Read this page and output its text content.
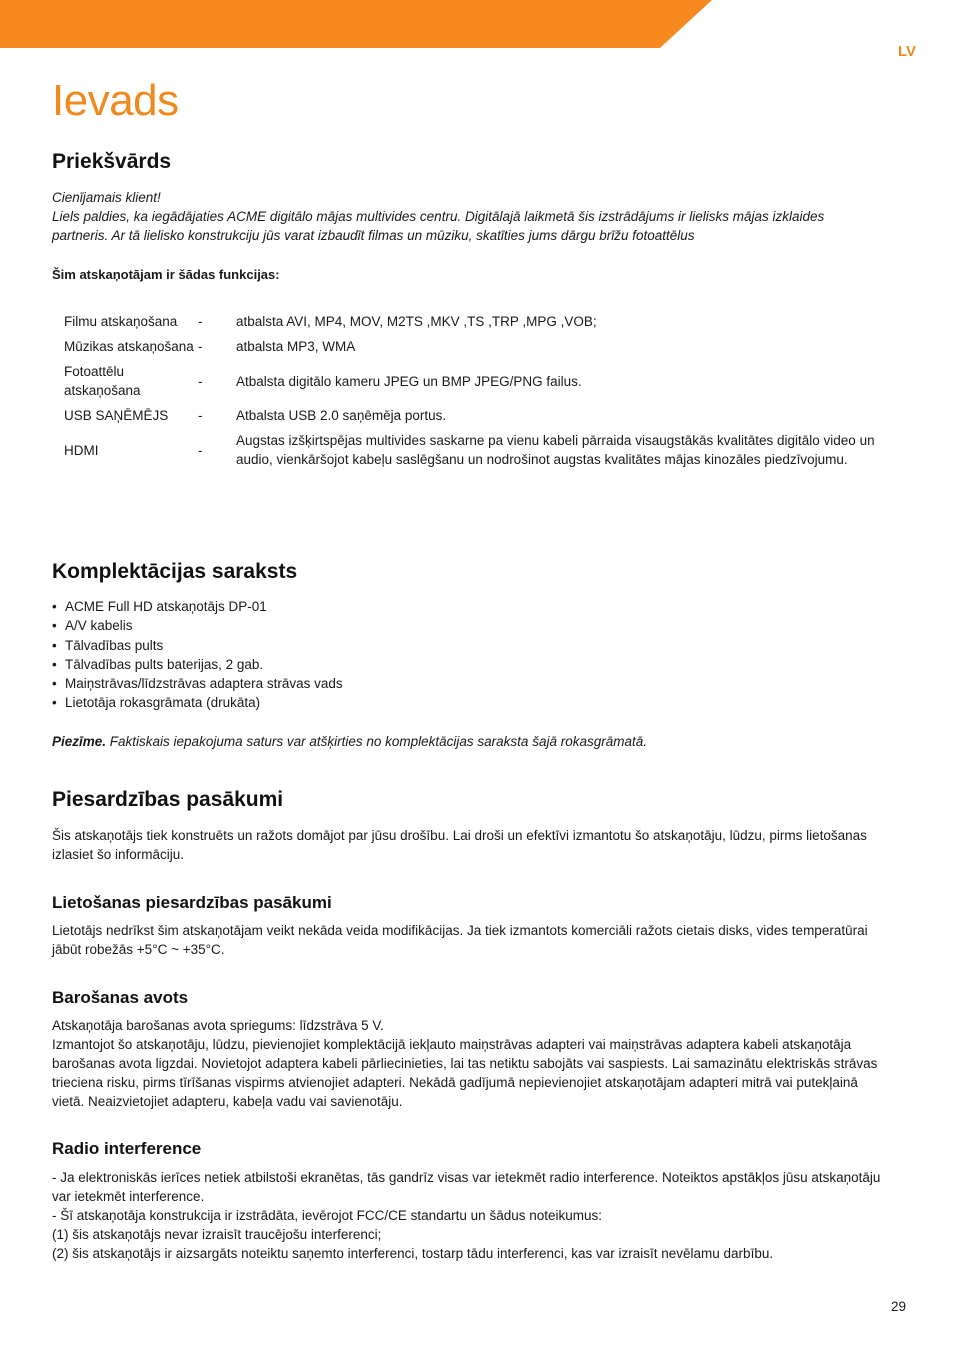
LV
Ievads
Priekšvārds

Cienījamais klient!

Liels paldies, ka iegādājaties ACME digitālo mājas multivides centru. Digitālajā laikmetā šis izstrādājums ir lielisks mājas izklaides partneris. Ar tā lielisko konstrukciju jūs varat izbaudīt filmas un mūziku, skatīties jums dārgu brīžu fotoattēlus

Šim atskaņotājam ir šādas funkcijas:

Filmu atskaņošana	-	atbalsta AVI, MP4, MOV, M2TS ,MKV ,TS ,TRP ,MPG ,VOB;
Mūzikas atskaņošana	-	atbalsta MP3, WMA
Fotoattēlu atskaņošana	-	Atbalsta digitālo kameru JPEG un BMP JPEG/PNG failus.
USB SAŅĒMĒJS	-	Atbalsta USB 2.0 saņēmēja portus.
HDMI	-	Augstas izšķirtspējas multivides saskarne pa vienu kabeli pārraida visaugstākās kvalitātes digitālo video un audio, vienkāršojot kabeļu saslēgšanu un nodrošinot augstas kvalitātes mājas kinozāles piedzīvojumu.
Komplektācijas saraksts
• ACME Full HD atskaņotājs DP-01
• A/V kabelis
• Tālvadības pults
• Tālvadības pults baterijas, 2 gab.
• Maiņstrāvas/līdzstrāvas adaptera strāvas vads
• Lietotāja rokasgrāmata (drukāta)

Piezīme. Faktiskais iepakojuma saturs var atšķirties no komplektācijas saraksta šajā rokasgrāmatā.

Piesardzības pasākumi

Šis atskaņotājs tiek konstruēts un ražots domājot par jūsu drošību. Lai droši un efektīvi izmantotu šo atskaņotāju, lūdzu, pirms lietošanas izlasiet šo informāciju.

Lietošanas piesardzības pasākumi

Lietotājs nedrīkst šim atskaņotājam veikt nekāda veida modifikācijas. Ja tiek izmantots komerciāli ražots cietais disks, vides temperatūrai jābūt robežās +5°C ~ +35°C.

Barošanas avots

Atskaņotāja barošanas avota spriegums: līdzstrāva 5 V.

Izmantojot šo atskaņotāju, lūdzu, pievienojiet komplektācijā iekļauto maiņstrāvas adapteri vai maiņstrāvas adaptera kabeli atskaņotāja barošanas avota ligzdai. Novietojot adaptera kabeli pārliecinieties, lai tas netiktu sabojāts vai saspiests. Lai samazinātu elektriskās strāvas trieciena risku, pirms tīrīšanas vispirms atvienojiet adapteri. Nekādā gadījumā nepievienojiet atskaņotājam adapteri mitrā vai putekļainā vietā. Neaizvietojiet adapteru, kabeļa vadu vai savienotāju.

Radio interference

- Ja elektroniskās ierīces netiek atbilstoši ekranētas, tās gandrīz visas var ietekmēt radio interference. Noteiktos apstākļos jūsu atskaņotāju var ietekmēt interference.

- Šī atskaņotāja konstrukcija ir izstrādāta, ievērojot FCC/CE standartu un šādus noteikumus:

(1) šis atskaņotājs nevar izraisīt traucējošu interferenci;

(2) šis atskaņotājs ir aizsargāts noteiktu saņemto interferenci, tostarp tādu interferenci, kas var izraisīt nevēlamu darbību.

29
